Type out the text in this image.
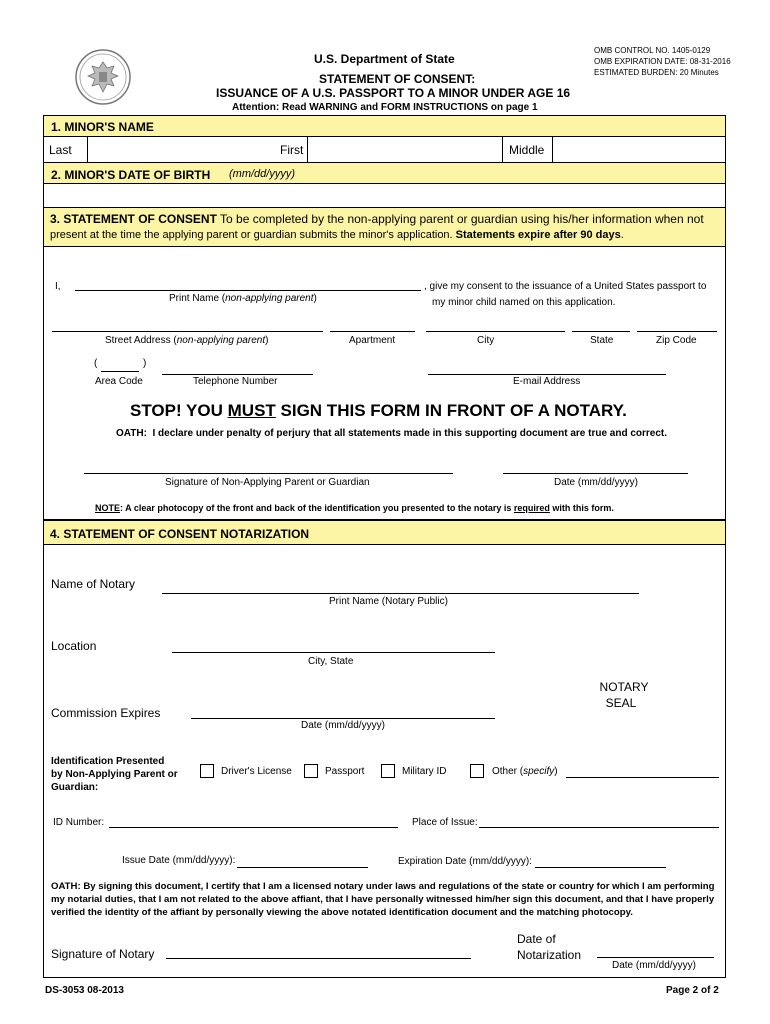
U.S. Department of State
STATEMENT OF CONSENT:
ISSUANCE OF A U.S. PASSPORT TO A MINOR UNDER AGE 16
Attention: Read WARNING and FORM INSTRUCTIONS on page 1
OMB CONTROL NO. 1405-0129
OMB EXPIRATION DATE: 08-31-2016
ESTIMATED BURDEN: 20 Minutes
1. MINOR'S NAME
Last	First	Middle
2. MINOR'S DATE OF BIRTH (mm/dd/yyyy)
3. STATEMENT OF CONSENT To be completed by the non-applying parent or guardian using his/her information when not
present at the time the applying parent or guardian submits the minor's application. Statements expire after 90 days.
I,
Print Name (non-applying parent)
, give my consent to the issuance of a United States passport to
my minor child named on this application.
Street Address (non-applying parent)	Apartment	City	State	Zip Code
(	)
Area Code	Telephone Number	E-mail Address
STOP! YOU MUST SIGN THIS FORM IN FRONT OF A NOTARY.
OATH: I declare under penalty of perjury that all statements made in this supporting document are true and correct.
Signature of Non-Applying Parent or Guardian	Date (mm/dd/yyyy)
NOTE: A clear photocopy of the front and back of the identification you presented to the notary is required with this form.
4. STATEMENT OF CONSENT NOTARIZATION
Name of Notary
Print Name (Notary Public)
Location
City, State
NOTARY
SEAL
Commission Expires
Date (mm/dd/yyyy)
Identification Presented
by Non-Applying Parent or
Guardian:
Driver's License	Passport	Military ID	Other (specify)
ID Number:	Place of Issue:
Issue Date (mm/dd/yyyy):	Expiration Date (mm/dd/yyyy):
OATH: By signing this document, I certify that I am a licensed notary under laws and regulations of the state or country for which I am performing my notarial duties, that I am not related to the above affiant, that I have personally witnessed him/her sign this document, and that I have properly verified the identity of the affiant by personally viewing the above notated identification document and the matching photocopy.
Signature of Notary
Date of
Notarization
Date (mm/dd/yyyy)
DS-3053 08-2013	Page 2 of 2
